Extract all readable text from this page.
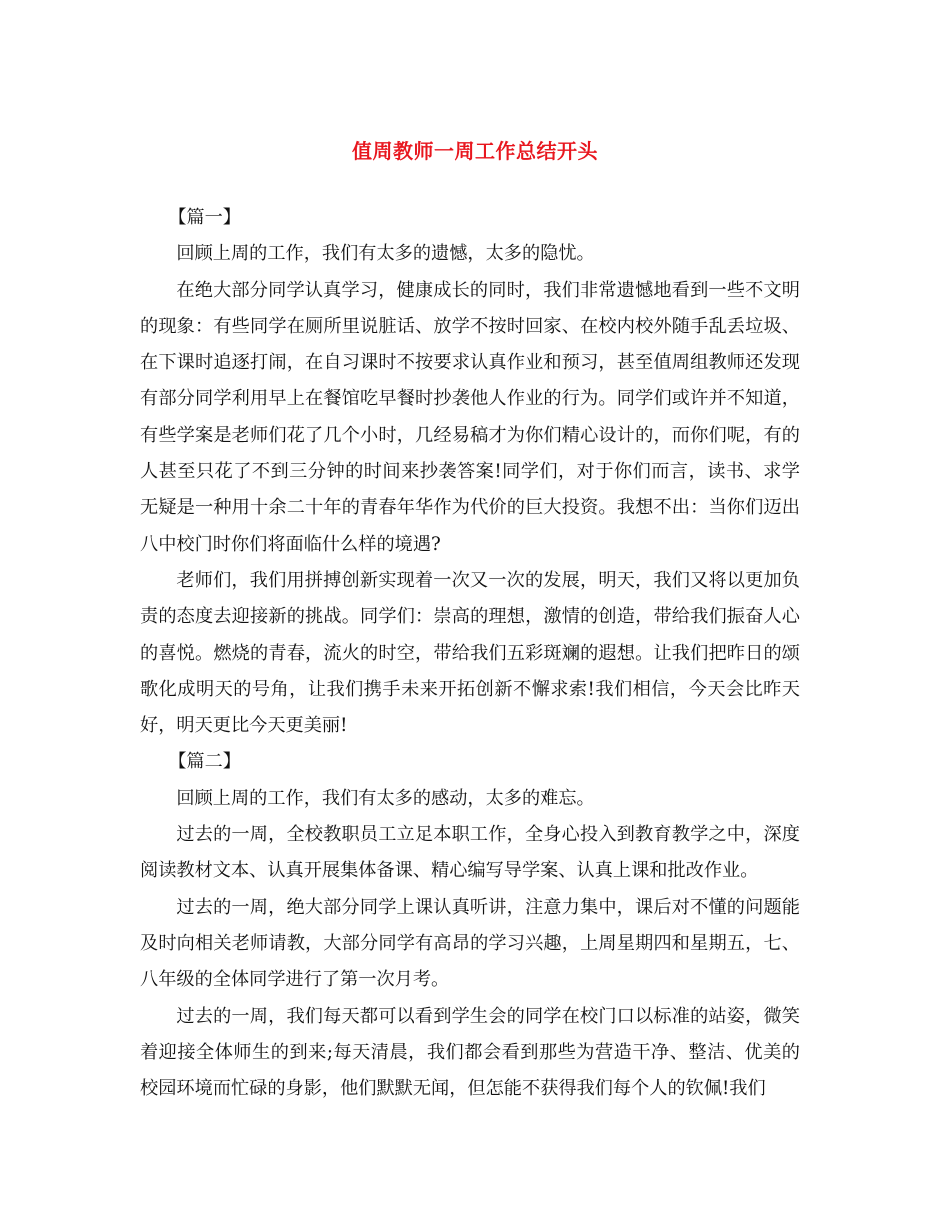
值周教师一周工作总结开头

【篇一】

回顾上周的工作，我们有太多的遗憾，太多的隐忧。

在绝大部分同学认真学习，健康成长的同时，我们非常遗憾地看到一些不文明的现象：有些同学在厕所里说脏话、放学不按时回家、在校内校外随手乱丢垃圾、在下课时追逐打闹，在自习课时不按要求认真作业和预习，甚至值周组教师还发现有部分同学利用早上在餐馆吃早餐时抄袭他人作业的行为。同学们或许并不知道，有些学案是老师们花了几个小时，几经易稿才为你们精心设计的，而你们呢，有的人甚至只花了不到三分钟的时间来抄袭答案!同学们，对于你们而言，读书、求学无疑是一种用十余二十年的青春年华作为代价的巨大投资。我想不出：当你们迈出八中校门时你们将面临什么样的境遇?

老师们，我们用拼搏创新实现着一次又一次的发展，明天，我们又将以更加负责的态度去迎接新的挑战。同学们：崇高的理想，激情的创造，带给我们振奋人心的喜悦。燃烧的青春，流火的时空，带给我们五彩斑斓的遐想。让我们把昨日的颂歌化成明天的号角，让我们携手未来开拓创新不懈求索!我们相信，今天会比昨天好，明天更比今天更美丽!

【篇二】

回顾上周的工作，我们有太多的感动，太多的难忘。

过去的一周，全校教职员工立足本职工作，全身心投入到教育教学之中，深度阅读教材文本、认真开展集体备课、精心编写导学案、认真上课和批改作业。

过去的一周，绝大部分同学上课认真听讲，注意力集中，课后对不懂的问题能及时向相关老师请教，大部分同学有高昂的学习兴趣，上周星期四和星期五，七、八年级的全体同学进行了第一次月考。

过去的一周，我们每天都可以看到学生会的同学在校门口以标准的站姿，微笑着迎接全体师生的到来;每天清晨，我们都会看到那些为营造干净、整洁、优美的校园环境而忙碌的身影，他们默默无闻，但怎能不获得我们每个人的钦佩!我们
